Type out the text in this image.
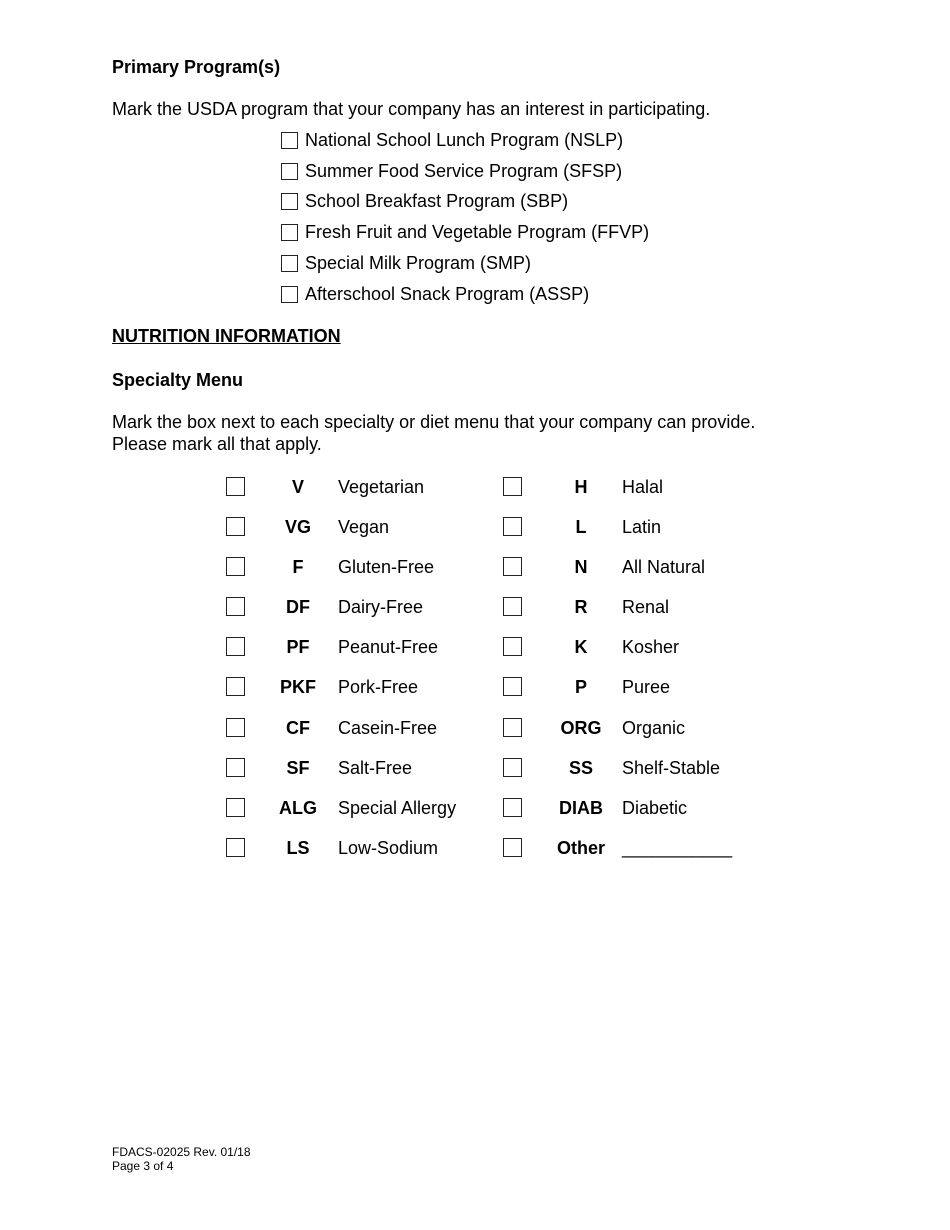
Primary Program(s)
Mark the USDA program that your company has an interest in participating.
National School Lunch Program (NSLP)
Summer Food Service Program (SFSP)
School Breakfast Program (SBP)
Fresh Fruit and Vegetable Program (FFVP)
Special Milk Program (SMP)
Afterschool Snack Program (ASSP)
NUTRITION INFORMATION
Specialty Menu
Mark the box next to each specialty or diet menu that your company can provide.
Please mark all that apply.
V	Vegetarian	H	Halal
VG	Vegan	L	Latin
F	Gluten-Free	N	All Natural
DF	Dairy-Free	R	Renal
PF	Peanut-Free	K	Kosher
PKF	Pork-Free	P	Puree
CF	Casein-Free	ORG	Organic
SF	Salt-Free	SS	Shelf-Stable
ALG	Special Allergy	DIAB	Diabetic
LS	Low-Sodium	Other ___________
FDACS-02025 Rev. 01/18
Page 3 of 4
